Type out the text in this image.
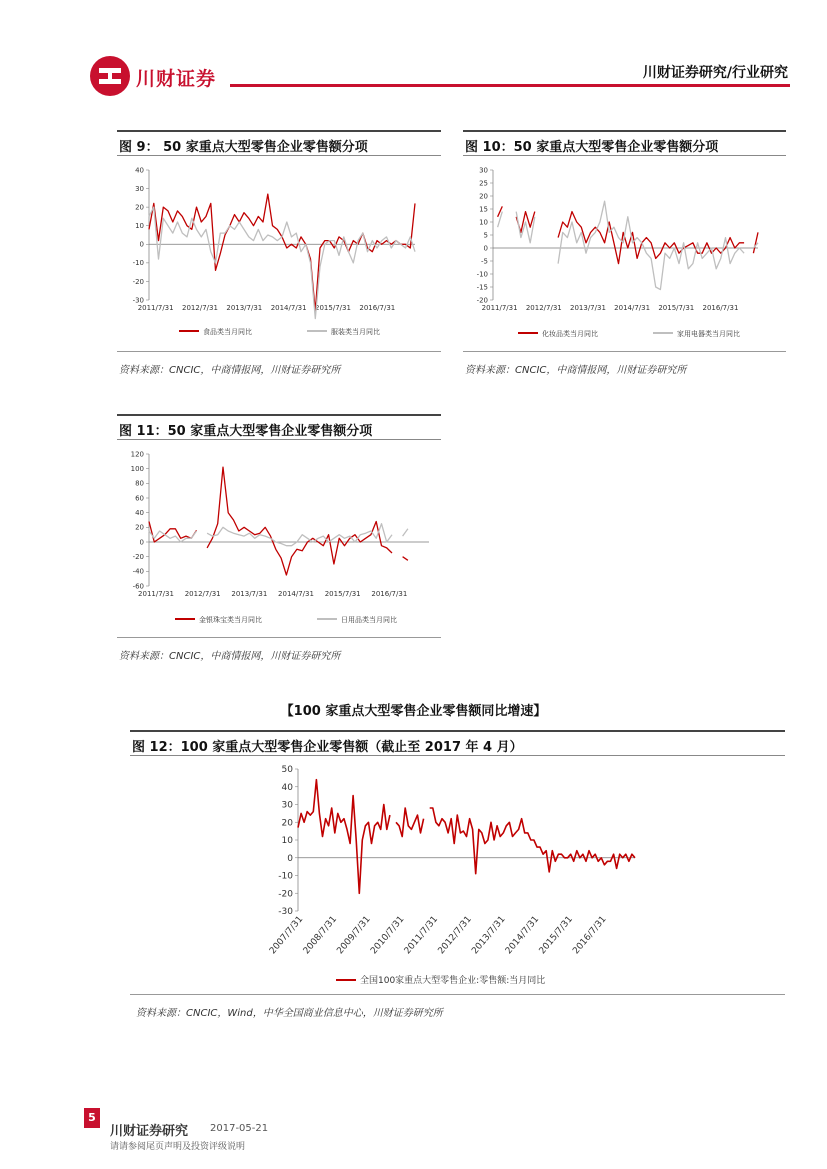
川财证券	川财证券研究/行业研究
图 9： 50 家重点大型零售企业零售额分项
40
30
20
10
0
-10
-20
-30
2011/7/31 2012/7/31 2013/7/31 2014/7/31 2015/7/31 2016/7/31
食品类当月同比	服装类当月同比
资料来源：CNCIC，中商情报网，川财证券研究所
图 10：50 家重点大型零售企业零售额分项
30
25
20
15
10
5
0
-5
-10
-15
-20
2011/7/31 2012/7/31 2013/7/31 2014/7/31 2015/7/31 2016/7/31
化妆品类当月同比	家用电器类当月同比
资料来源：CNCIC，中商情报网，川财证券研究所
图 11：50 家重点大型零售企业零售额分项
120
100
80
60
40
20
0
-20
-40
-60
2011/7/31 2012/7/31 2013/7/31 2014/7/31 2015/7/31 2016/7/31
金银珠宝类当月同比	日用品类当月同比
资料来源：CNCIC，中商情报网，川财证券研究所
【100 家重点大型零售企业零售额同比增速】
图 12：100 家重点大型零售企业零售额（截止至 2017 年 4 月）
50
40
30
20
10
0
-10
-20
-30
2007/7/31
2008/7/31
2009/7/31
2010/7/31
2011/7/31
2012/7/31
2013/7/31
2014/7/31
2015/7/31
2016/7/31
全国100家重点大型零售企业:零售额:当月同比
资料来源：CNCIC，Wind，中华全国商业信息中心，川财证券研究所
5
川财证券研究 2017-05-21
请请参阅尾页声明及投资评级说明
